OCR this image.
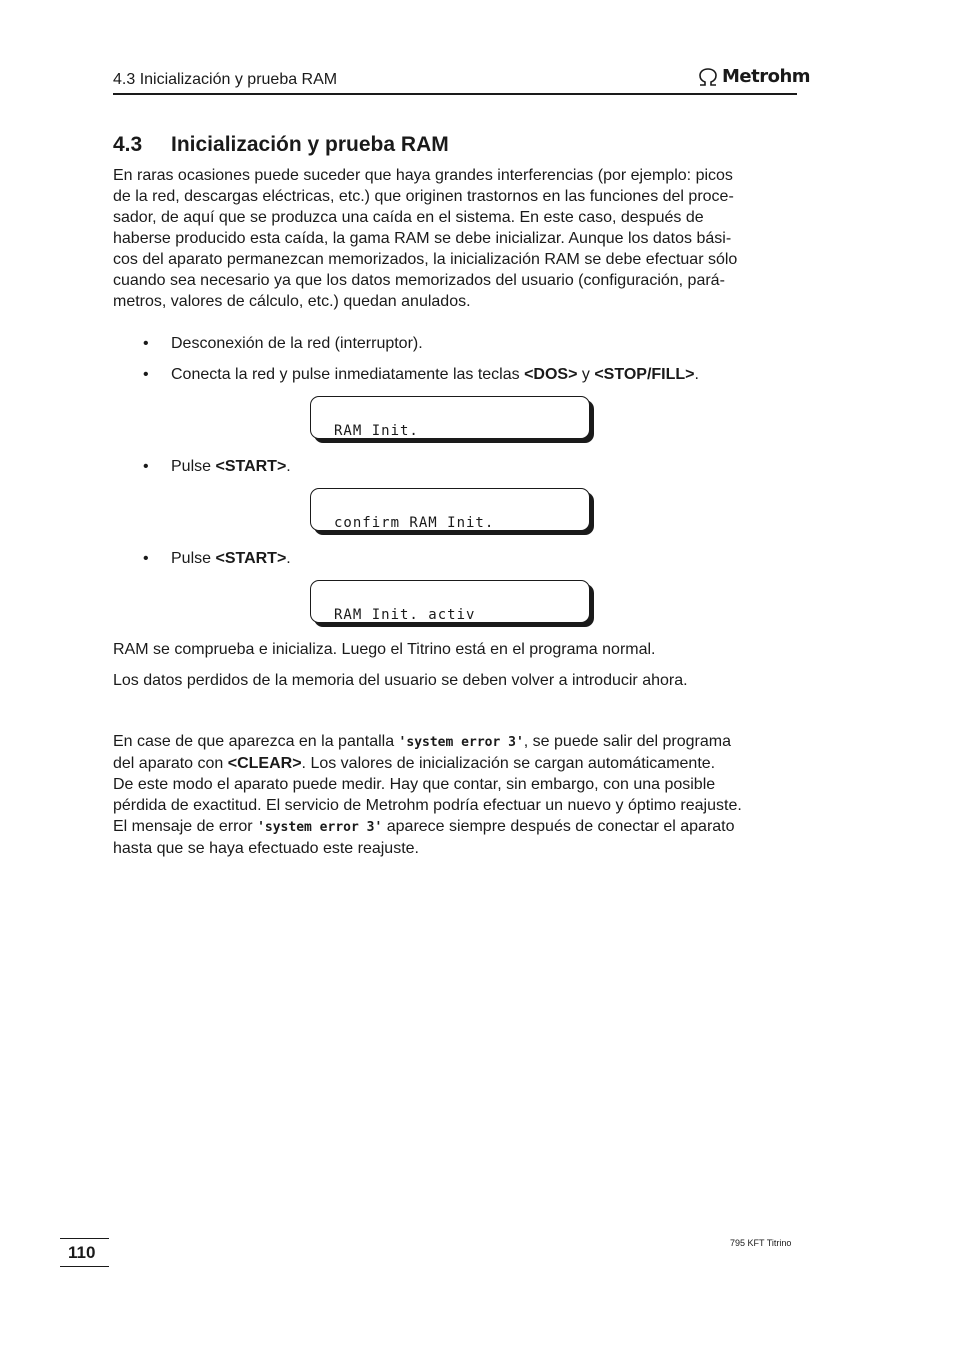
4.3 Inicialización y prueba RAM	Metrohm
4.3 Inicialización y prueba RAM

En raras ocasiones puede suceder que haya grandes interferencias (por ejemplo: picos
de la red, descargas eléctricas, etc.) que originen trastornos en las funciones del proce-
sador, de aquí que se produzca una caída en el sistema. En este caso, después de
haberse producido esta caída, la gama RAM se debe inicializar. Aunque los datos bási-
cos del aparato permanezcan memorizados, la inicialización RAM se debe efectuar sólo
cuando sea necesario ya que los datos memorizados del usuario (configuración, pará-
metros, valores de cálculo, etc.) quedan anulados.

• Desconexión de la red (interruptor).
• Conecta la red y pulse inmediatamente las teclas <DOS> y <STOP/FILL>.
RAM Init.
• Pulse <START>.
confirm RAM Init.
• Pulse <START>.
RAM Init. activ

RAM se comprueba e inicializa. Luego el Titrino está en el programa normal.

Los datos perdidos de la memoria del usuario se deben volver a introducir ahora.

En case de que aparezca en la pantalla 'system error 3', se puede salir del programa
del aparato con <CLEAR>. Los valores de inicialización se cargan automáticamente.
De este modo el aparato puede medir. Hay que contar, sin embargo, con una posible
pérdida de exactitud. El servicio de Metrohm podría efectuar un nuevo y óptimo reajuste.
El mensaje de error 'system error 3' aparece siempre después de conectar el aparato
hasta que se haya efectuado este reajuste.

110	795 KFT Titrino
